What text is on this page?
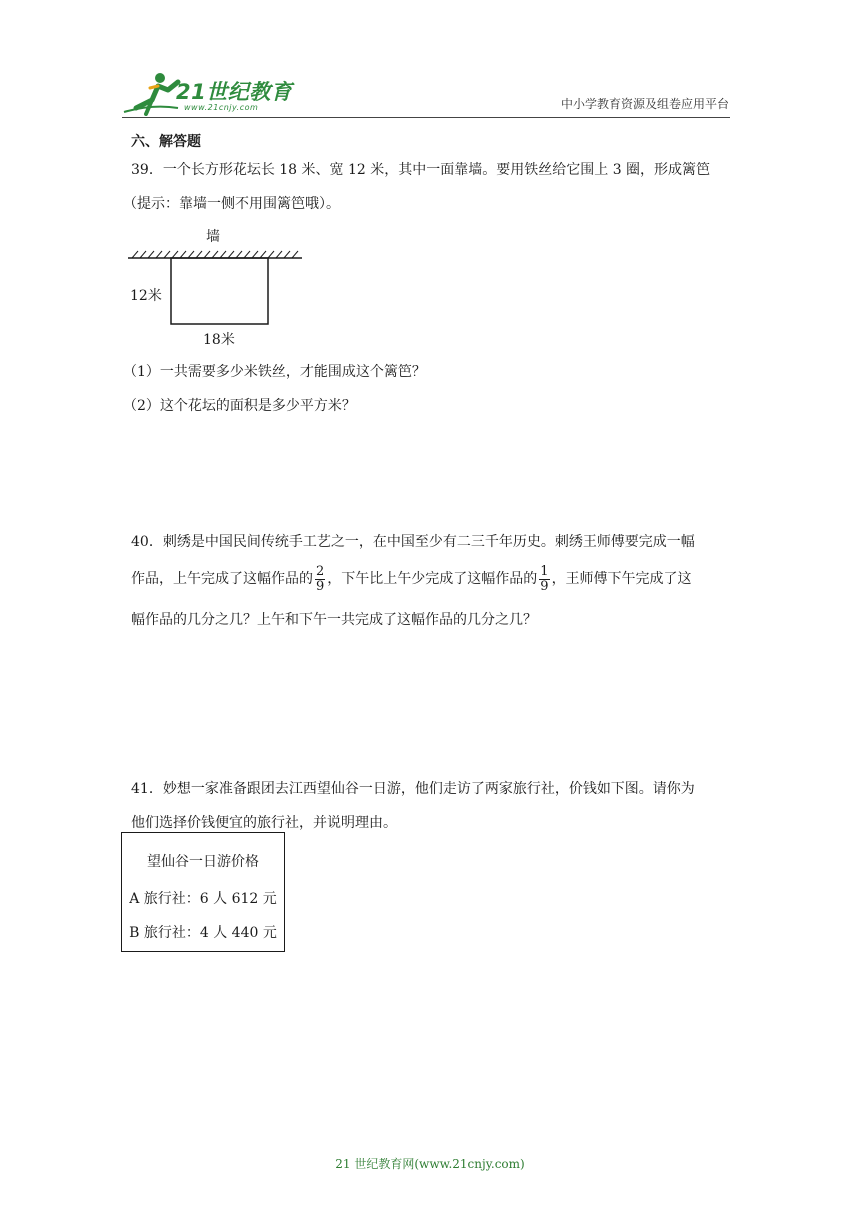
21世纪教育
www.21cnjy.com	中小学教育资源及组卷应用平台
六、解答题
39．一个长方形花坛长 18 米、宽 12 米，其中一面靠墙。要用铁丝给它围上 3 圈，形成篱笆
（提示：靠墙一侧不用围篱笆哦）。
墙
12米
18米
（1）一共需要多少米铁丝，才能围成这个篱笆？
（2）这个花坛的面积是多少平方米？
40．刺绣是中国民间传统手工艺之一，在中国至少有二三千年历史。刺绣王师傅要完成一幅
作品，上午完成了这幅作品的 $\frac{2}{9}$ ，下午比上午少完成了这幅作品的 $\frac{1}{9}$ ，王师傅下午完成了这
幅作品的几分之几？上午和下午一共完成了这幅作品的几分之几？
41．妙想一家准备跟团去江西望仙谷一日游，他们走访了两家旅行社，价钱如下图。请你为
他们选择价钱便宜的旅行社，并说明理由。
望仙谷一日游价格
A 旅行社：6 人 612 元
B 旅行社：4 人 440 元
21 世纪教育网(www.21cnjy.com)
